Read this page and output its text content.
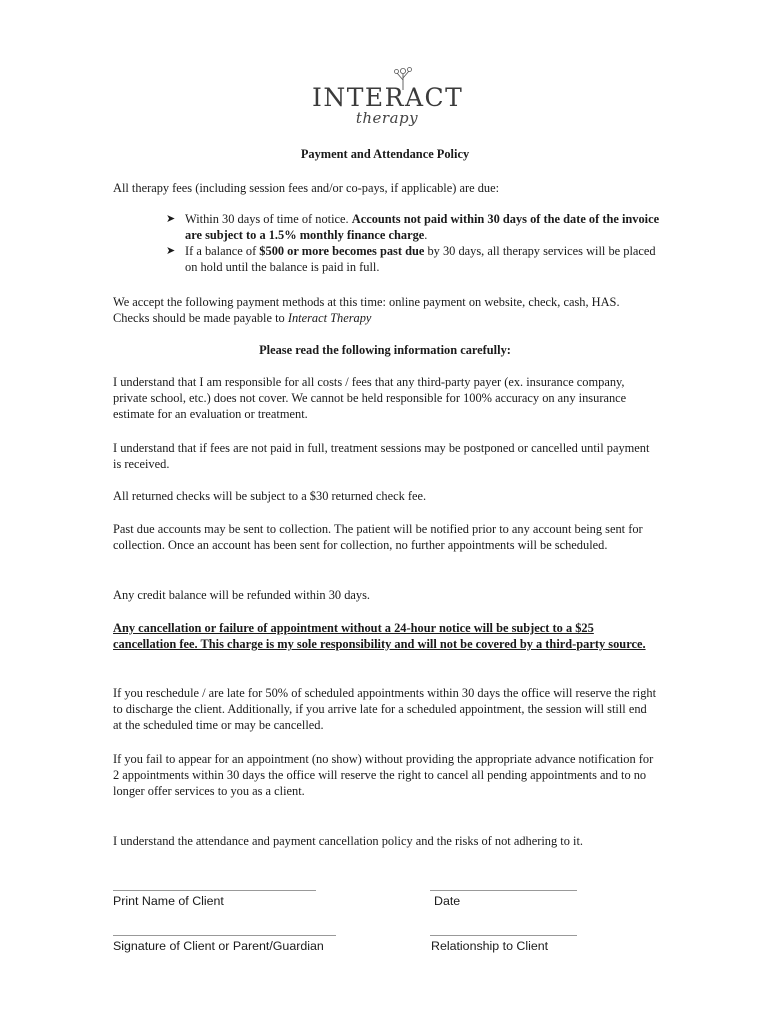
INTERACT
therapy
Payment and Attendance Policy
All therapy fees (including session fees and/or co-pays, if applicable) are due:
➤ Within 30 days of time of notice. Accounts not paid within 30 days of the date of the invoice are subject to a 1.5% monthly finance charge.
➤ If a balance of $500 or more becomes past due by 30 days, all therapy services will be placed on hold until the balance is paid in full.
We accept the following payment methods at this time: online payment on website, check, cash, HAS. Checks should be made payable to Interact Therapy
Please read the following information carefully:
I understand that I am responsible for all costs / fees that any third-party payer (ex. insurance company, private school, etc.) does not cover. We cannot be held responsible for 100% accuracy on any insurance estimate for an evaluation or treatment.
I understand that if fees are not paid in full, treatment sessions may be postponed or cancelled until payment is received.
All returned checks will be subject to a $30 returned check fee.
Past due accounts may be sent to collection. The patient will be notified prior to any account being sent for collection. Once an account has been sent for collection, no further appointments will be scheduled.
Any credit balance will be refunded within 30 days.
Any cancellation or failure of appointment without a 24-hour notice will be subject to a $25 cancellation fee. This charge is my sole responsibility and will not be covered by a third-party source.
If you reschedule / are late for 50% of scheduled appointments within 30 days the office will reserve the right to discharge the client. Additionally, if you arrive late for a scheduled appointment, the session will still end at the scheduled time or may be cancelled.
If you fail to appear for an appointment (no show) without providing the appropriate advance notification for 2 appointments within 30 days the office will reserve the right to cancel all pending appointments and to no longer offer services to you as a client.
I understand the attendance and payment cancellation policy and the risks of not adhering to it.
Print Name of Client	Date
Signature of Client or Parent/Guardian	Relationship to Client
